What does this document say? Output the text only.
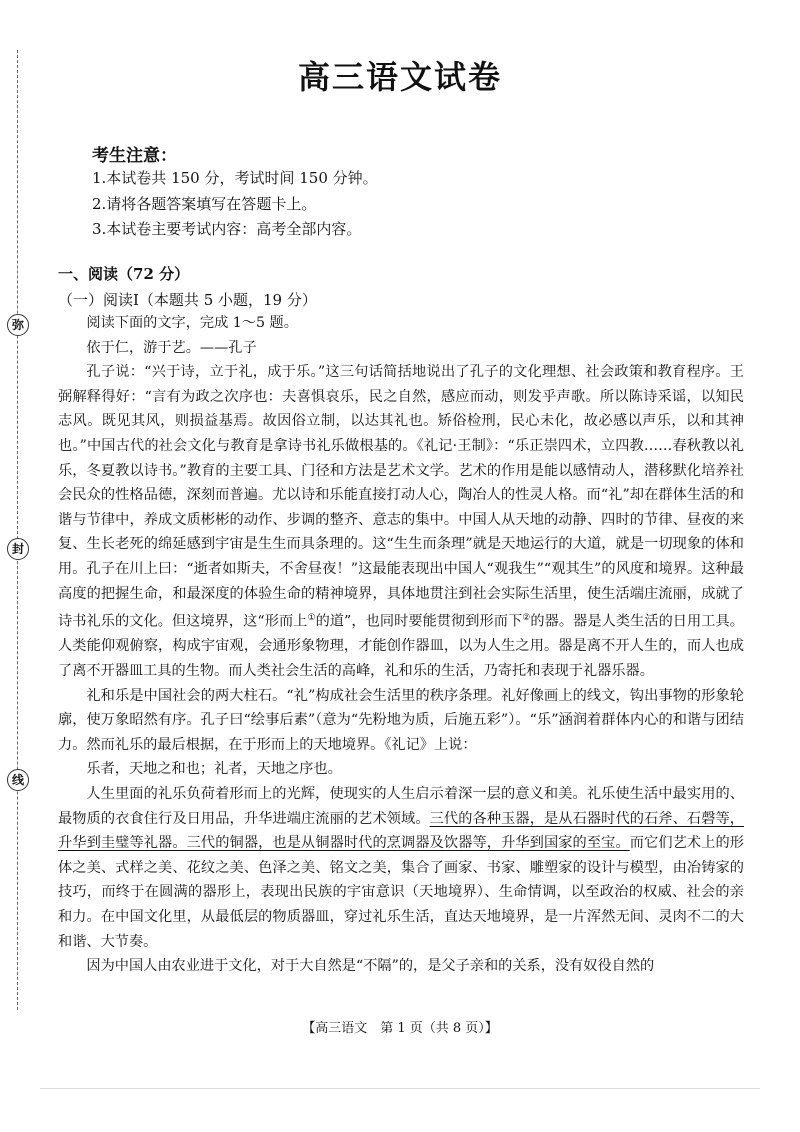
弥
封
线
高三语文试卷
考生注意：
1.本试卷共 150 分，考试时间 150 分钟。
2.请将各题答案填写在答题卡上。
3.本试卷主要考试内容：高考全部内容。
一、阅读（72 分）
（一）阅读Ⅰ（本题共 5 小题，19 分）

阅读下面的文字，完成 1～5 题。

依于仁，游于艺。——孔子

孔子说：“兴于诗，立于礼，成于乐。”这三句话简括地说出了孔子的文化理想、社会政策和教育程序。王弼解释得好：“言有为政之次序也：夫喜惧哀乐，民之自然，感应而动，则发乎声歌。所以陈诗采谣，以知民志风。既见其风，则损益基焉。故因俗立制，以达其礼也。矫俗检刑，民心未化，故必感以声乐，以和其神也。”中国古代的社会文化与教育是拿诗书礼乐做根基的。《礼记·王制》：“乐正崇四术，立四教……春秋教以礼乐，冬夏教以诗书。”教育的主要工具、门径和方法是艺术文学。艺术的作用是能以感情动人，潜移默化培养社会民众的性格品德，深刻而普遍。尤以诗和乐能直接打动人心，陶冶人的性灵人格。而“礼”却在群体生活的和谐与节律中，养成文质彬彬的动作、步调的整齐、意志的集中。中国人从天地的动静、四时的节律、昼夜的来复、生长老死的绵延感到宇宙是生生而具条理的。这“生生而条理”就是天地运行的大道，就是一切现象的体和用。孔子在川上曰：“逝者如斯夫，不舍昼夜！”这最能表现出中国人“观我生”“观其生”的风度和境界。这种最高度的把握生命，和最深度的体验生命的精神境界，具体地贯注到社会实际生活里，使生活端庄流丽，成就了诗书礼乐的文化。但这境界，这“形而上①的道”，也同时要能贯彻到形而下②的器。器是人类生活的日用工具。人类能仰观俯察，构成宇宙观，会通形象物理，才能创作器皿，以为人生之用。器是离不开人生的，而人也成了离不开器皿工具的生物。而人类社会生活的高峰，礼和乐的生活，乃寄托和表现于礼器乐器。

礼和乐是中国社会的两大柱石。“礼”构成社会生活里的秩序条理。礼好像画上的线文，钩出事物的形象轮廓，使万象昭然有序。孔子曰“绘事后素”（意为“先粉地为质，后施五彩”）。“乐”涵润着群体内心的和谐与团结力。然而礼乐的最后根据，在于形而上的天地境界。《礼记》上说：

乐者，天地之和也；礼者，天地之序也。

人生里面的礼乐负荷着形而上的光辉，使现实的人生启示着深一层的意义和美。礼乐使生活中最实用的、最物质的衣食住行及日用品，升华进端庄流丽的艺术领域。三代的各种玉器，是从石器时代的石斧、石磬等，升华到圭璧等礼器。三代的铜器，也是从铜器时代的烹调器及饮器等，升华到国家的至宝。而它们艺术上的形体之美、式样之美、花纹之美、色泽之美、铭文之美，集合了画家、书家、雕塑家的设计与模型，由冶铸家的技巧，而终于在圆满的器形上，表现出民族的宇宙意识（天地境界）、生命情调，以至政治的权威、社会的亲和力。在中国文化里，从最低层的物质器皿，穿过礼乐生活，直达天地境界，是一片浑然无间、灵肉不二的大和谐、大节奏。

因为中国人由农业进于文化，对于大自然是“不隔”的，是父子亲和的关系，没有奴役自然的

【高三语文　第 1 页（共 8 页）】
